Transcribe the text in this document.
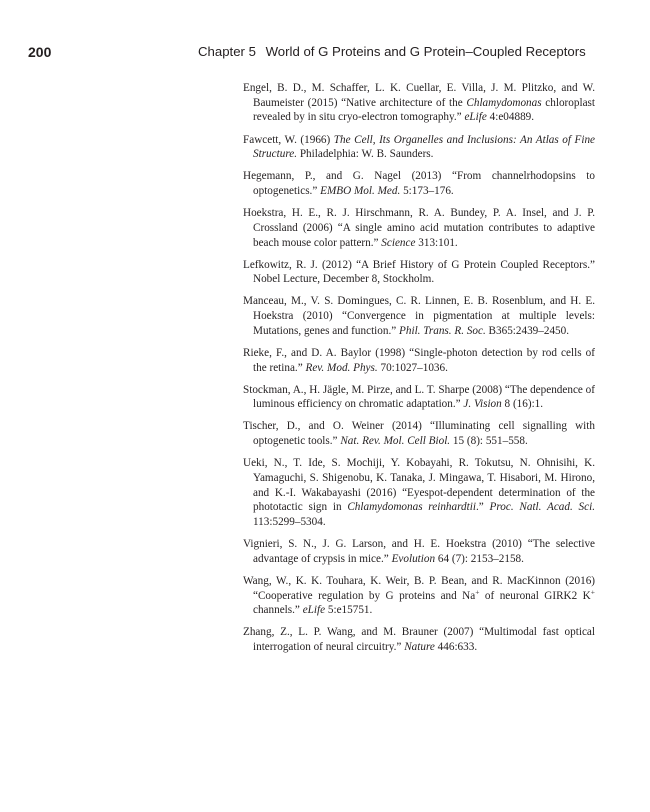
200	Chapter 5 World of G Proteins and G Protein–Coupled Receptors
Engel, B. D., M. Schaffer, L. K. Cuellar, E. Villa, J. M. Plitzko, and W. Baumeister (2015) “Native architecture of the Chlamydomonas chloroplast revealed by in situ cryo-electron tomography.” eLife 4:e04889.
Fawcett, W. (1966) The Cell, Its Organelles and Inclusions: An Atlas of Fine Structure. Philadelphia: W. B. Saunders.
Hegemann, P., and G. Nagel (2013) “From channelrhodopsins to optogenetics.” EMBO Mol. Med. 5:173–176.
Hoekstra, H. E., R. J. Hirschmann, R. A. Bundey, P. A. Insel, and J. P. Crossland (2006) “A single amino acid mutation contributes to adaptive beach mouse color pattern.” Science 313:101.
Lefkowitz, R. J. (2012) “A Brief History of G Protein Coupled Receptors.” Nobel Lecture, December 8, Stockholm.
Manceau, M., V. S. Domingues, C. R. Linnen, E. B. Rosenblum, and H. E. Hoekstra (2010) “Convergence in pigmentation at multiple levels: Mutations, genes and function.” Phil. Trans. R. Soc. B365:2439–2450.
Rieke, F., and D. A. Baylor (1998) “Single-photon detection by rod cells of the retina.” Rev. Mod. Phys. 70:1027–1036.
Stockman, A., H. Jägle, M. Pirze, and L. T. Sharpe (2008) “The dependence of luminous efficiency on chromatic adaptation.” J. Vision 8 (16):1.
Tischer, D., and O. Weiner (2014) “Illuminating cell signalling with optogenetic tools.” Nat. Rev. Mol. Cell Biol. 15 (8): 551–558.
Ueki, N., T. Ide, S. Mochiji, Y. Kobayahi, R. Tokutsu, N. Ohnisihi, K. Yamaguchi, S. Shigenobu, K. Tanaka, J. Mingawa, T. Hisabori, M. Hirono, and K.-I. Wakabayashi (2016) “Eyespot-dependent determination of the phototactic sign in Chlamydomonas reinhardtii.” Proc. Natl. Acad. Sci. 113:5299–5304.
Vignieri, S. N., J. G. Larson, and H. E. Hoekstra (2010) “The selective advantage of crypsis in mice.” Evolution 64 (7): 2153–2158.
Wang, W., K. K. Touhara, K. Weir, B. P. Bean, and R. MacKinnon (2016) “Cooperative regulation by G proteins and Na+ of neuronal GIRK2 K+ channels.” eLife 5:e15751.
Zhang, Z., L. P. Wang, and M. Brauner (2007) “Multimodal fast optical interrogation of neural circuitry.” Nature 446:633.
